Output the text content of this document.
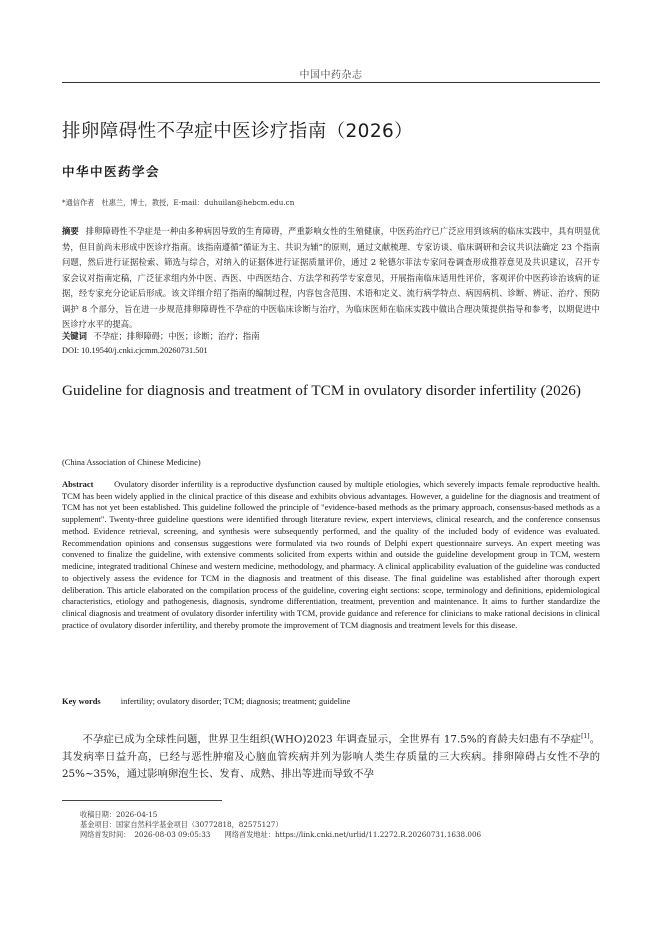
中国中药杂志
排卵障碍性不孕症中医诊疗指南（2026）
中华中医药学会
*通信作者　杜惠兰，博士，教授，E-mail：duhuilan@hebcm.edu.cn
摘要 排卵障碍性不孕症是一种由多种病因导致的生育障碍，严重影响女性的生殖健康，中医药治疗已广泛应用到该病的临床实践中，具有明显优势，但目前尚未形成中医诊疗指南。该指南遵循“循证为主、共识为辅”的原则，通过文献梳理、专家访谈、临床调研和会议共识法确定 23 个指南问题，然后进行证据检索、筛选与综合，对纳入的证据体进行证据质量评价，通过 2 轮德尔菲法专家问卷调查形成推荐意见及共识建议，召开专家会议对指南定稿，广泛征求组内外中医、西医、中西医结合、方法学和药学专家意见，开展指南临床适用性评价，客观评价中医药诊治该病的证据，经专家充分论证后形成。该文详细介绍了指南的编制过程，内容包含范围、术语和定义、流行病学特点、病因病机、诊断、辨证、治疗、预防调护 8 个部分，旨在进一步规范排卵障碍性不孕症的中医临床诊断与治疗，为临床医师在临床实践中做出合理决策提供指导和参考，以期促进中医诊疗水平的提高。
关键词 不孕症；排卵障碍；中医；诊断；治疗；指南
DOI: 10.19540/j.cnki.cjcmm.20260731.501
Guideline for diagnosis and treatment of TCM in ovulatory disorder infertility (2026)
(China Association of Chinese Medicine)
Abstract Ovulatory disorder infertility is a reproductive dysfunction caused by multiple etiologies, which severely impacts female reproductive health. TCM has been widely applied in the clinical practice of this disease and exhibits obvious advantages. However, a guideline for the diagnosis and treatment of TCM has not yet been established. This guideline followed the principle of "evidence-based methods as the primary approach, consensus-based methods as a supplement". Twenty-three guideline questions were identified through literature review, expert interviews, clinical research, and the conference consensus method. Evidence retrieval, screening, and synthesis were subsequently performed, and the quality of the included body of evidence was evaluated. Recommendation opinions and consensus suggestions were formulated via two rounds of Delphi expert questionnaire surveys. An expert meeting was convened to finalize the guideline, with extensive comments solicited from experts within and outside the guideline development group in TCM, western medicine, integrated traditional Chinese and western medicine, methodology, and pharmacy. A clinical applicability evaluation of the guideline was conducted to objectively assess the evidence for TCM in the diagnosis and treatment of this disease. The final guideline was established after thorough expert deliberation. This article elaborated on the compilation process of the guideline, covering eight sections: scope, terminology and definitions, epidemiological characteristics, etiology and pathogenesis, diagnosis, syndrome differentiation, treatment, prevention and maintenance. It aims to further standardize the clinical diagnosis and treatment of ovulatory disorder infertility with TCM, provide guidance and reference for clinicians to make rational decisions in clinical practice of ovulatory disorder infertility, and thereby promote the improvement of TCM diagnosis and treatment levels for this disease.
Key words infertility; ovulatory disorder; TCM; diagnosis; treatment; guideline
不孕症已成为全球性问题，世界卫生组织(WHO)2023 年调查显示，全世界有 17.5%的育龄夫妇患有不孕症[1]。其发病率日益升高，已经与恶性肿瘤及心脑血管疾病并列为影响人类生存质量的三大疾病。排卵障碍占女性不孕的 25%~35%，通过影响卵泡生长、发育、成熟、排出等进而导致不孕
收稿日期：2026-04-15
基金项目：国家自然科学基金项目（30772818，82575127）
网络首发时间： 2026-08-03 09:05:33 网络首发地址：https://link.cnki.net/urlid/11.2272.R.20260731.1638.006
